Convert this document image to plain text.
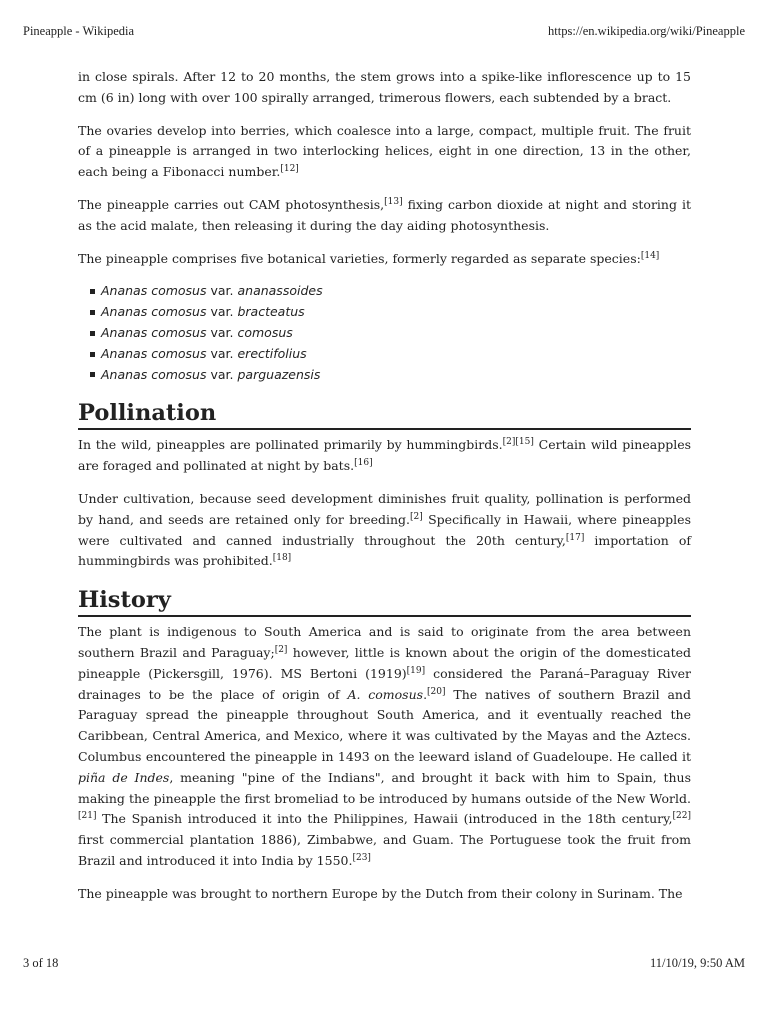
Pineapple - Wikipedia	https://en.wikipedia.org/wiki/Pineapple

in close spirals. After 12 to 20 months, the stem grows into a spike-like inflorescence up to 15 cm (6 in) long with over 100 spirally arranged, trimerous flowers, each subtended by a bract.

The ovaries develop into berries, which coalesce into a large, compact, multiple fruit. The fruit of a pineapple is arranged in two interlocking helices, eight in one direction, 13 in the other, each being a Fibonacci number.[12]

The pineapple carries out CAM photosynthesis,[13] fixing carbon dioxide at night and storing it as the acid malate, then releasing it during the day aiding photosynthesis.

The pineapple comprises five botanical varieties, formerly regarded as separate species:[14]

Ananas comosus var. ananassoides
Ananas comosus var. bracteatus
Ananas comosus var. comosus
Ananas comosus var. erectifolius
Ananas comosus var. parguazensis
Pollination

In the wild, pineapples are pollinated primarily by hummingbirds.[2][15] Certain wild pineapples are foraged and pollinated at night by bats.[16]

Under cultivation, because seed development diminishes fruit quality, pollination is performed by hand, and seeds are retained only for breeding.[2] Specifically in Hawaii, where pineapples were cultivated and canned industrially throughout the 20th century,[17] importation of hummingbirds was prohibited.[18]

History

The plant is indigenous to South America and is said to originate from the area between southern Brazil and Paraguay;[2] however, little is known about the origin of the domesticated pineapple (Pickersgill, 1976). MS Bertoni (1919)[19] considered the Paraná–Paraguay River drainages to be the place of origin of A. comosus.[20] The natives of southern Brazil and Paraguay spread the pineapple throughout South America, and it eventually reached the Caribbean, Central America, and Mexico, where it was cultivated by the Mayas and the Aztecs. Columbus encountered the pineapple in 1493 on the leeward island of Guadeloupe. He called it piña de Indes, meaning "pine of the Indians", and brought it back with him to Spain, thus making the pineapple the first bromeliad to be introduced by humans outside of the New World.[21] The Spanish introduced it into the Philippines, Hawaii (introduced in the 18th century,[22] first commercial plantation 1886), Zimbabwe, and Guam. The Portuguese took the fruit from Brazil and introduced it into India by 1550.[23]

The pineapple was brought to northern Europe by the Dutch from their colony in Surinam. The

3 of 18	11/10/19, 9:50 AM
